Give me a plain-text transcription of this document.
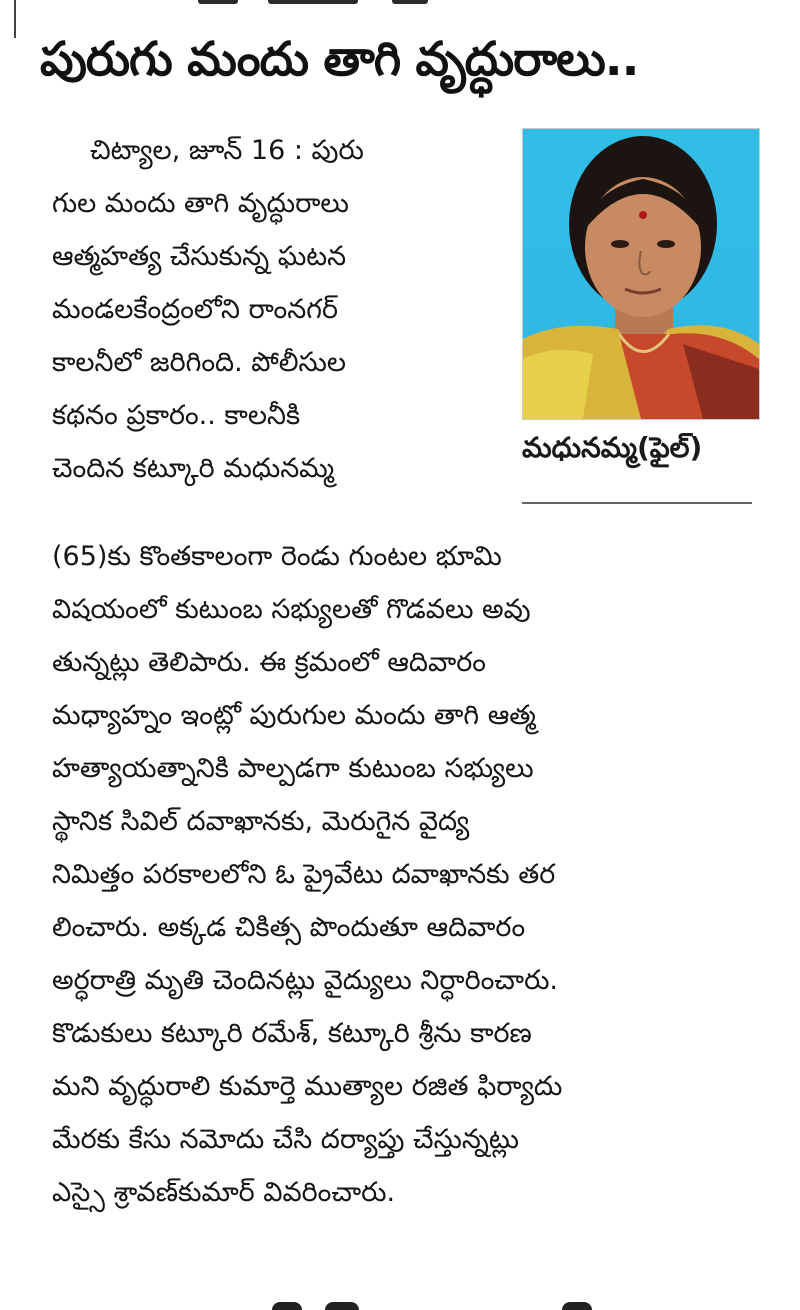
పురుగు మందు తాగి వృద్ధురాలు..
మధునమ్మ(ఫైల్‌)
చిట్యాల, జూన్‌ 16 : పురు
గుల మందు తాగి వృద్ధురాలు
ఆత్మహత్య చేసుకున్న ఘటన
మండలకేంద్రంలోని రాంనగర్‌
కాలనీలో జరిగింది. పోలీసుల
కథనం ప్రకారం.. కాలనీకి
చెందిన కట్కూరి మధునమ్మ
(65)కు కొంతకాలంగా రెండు గుంటల భూమి
విషయంలో కుటుంబ సభ్యులతో గొడవలు అవు
తున్నట్లు తెలిపారు. ఈ క్రమంలో ఆదివారం
మధ్యాహ్నం ఇంట్లో పురుగుల మందు తాగి ఆత్మ
హత్యాయత్నానికి పాల్పడగా కుటుంబ సభ్యులు
స్థానిక సివిల్‌ దవాఖానకు, మెరుగైన వైద్య
నిమిత్తం పరకాలలోని ఓ ప్రైవేటు దవాఖానకు తర
లించారు. అక్కడ చికిత్స పొందుతూ ఆదివారం
అర్ధరాత్రి మృతి చెందినట్లు వైద్యులు నిర్ధారించారు.
కొడుకులు కట్కూరి రమేశ్‌, కట్కూరి శ్రీను కారణ
మని వృద్ధురాలి కుమార్తె ముత్యాల రజిత ఫిర్యాదు
మేరకు కేసు నమోదు చేసి దర్యాప్తు చేస్తున్నట్లు
ఎస్సై శ్రావణ్‌కుమార్‌ వివరించారు.
